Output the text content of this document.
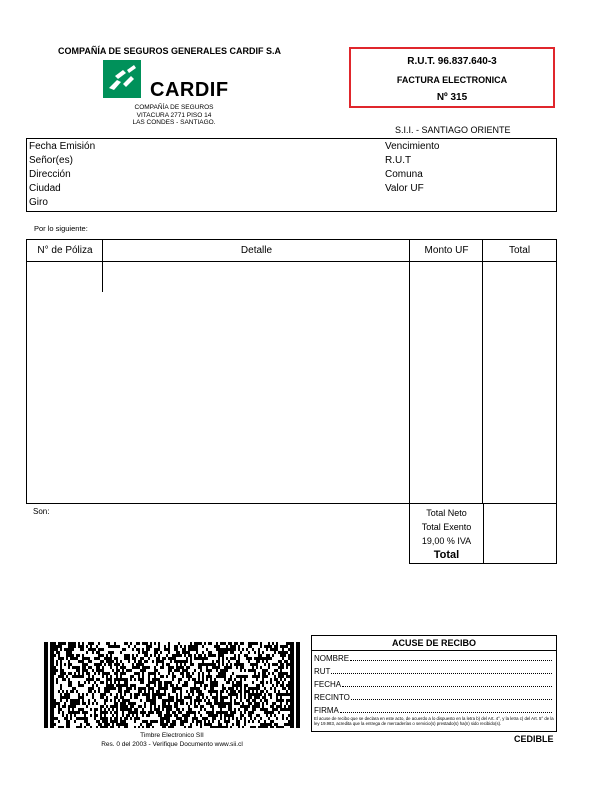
COMPAÑÍA DE SEGUROS GENERALES CARDIF S.A
CARDIF
COMPAÑÍA DE SEGUROS
VITACURA 2771 PISO 14
LAS CONDES - SANTIAGO.
R.U.T. 96.837.640-3
FACTURA ELECTRONICA
Nº 315
S.I.I. - SANTIAGO ORIENTE
Fecha Emisión
Señor(es)
Dirección
Ciudad
Giro
Vencimiento
R.U.T
Comuna
Valor UF
Por lo siguiente:
N° de Póliza	Detalle	Monto UF	Total
Son:	Total Neto
Total Exento
19,00 % IVA
Total
Timbre Electronico SII
Res. 0 del 2003 - Verifique Documento www.sii.cl
ACUSE DE RECIBO
NOMBRE
RUT
FECHA
RECINTO
FIRMA
El acuse de recibo que se declara en este acto, de acuerdo a lo dispuesto en la letra b) del Art. 4°, y la letra c) del Art. 5° de la ley 19.983, acredita que la entrega de mercaderías o servicio(s) prestado(s) ha(n) sido recibido(s).
CEDIBLE
